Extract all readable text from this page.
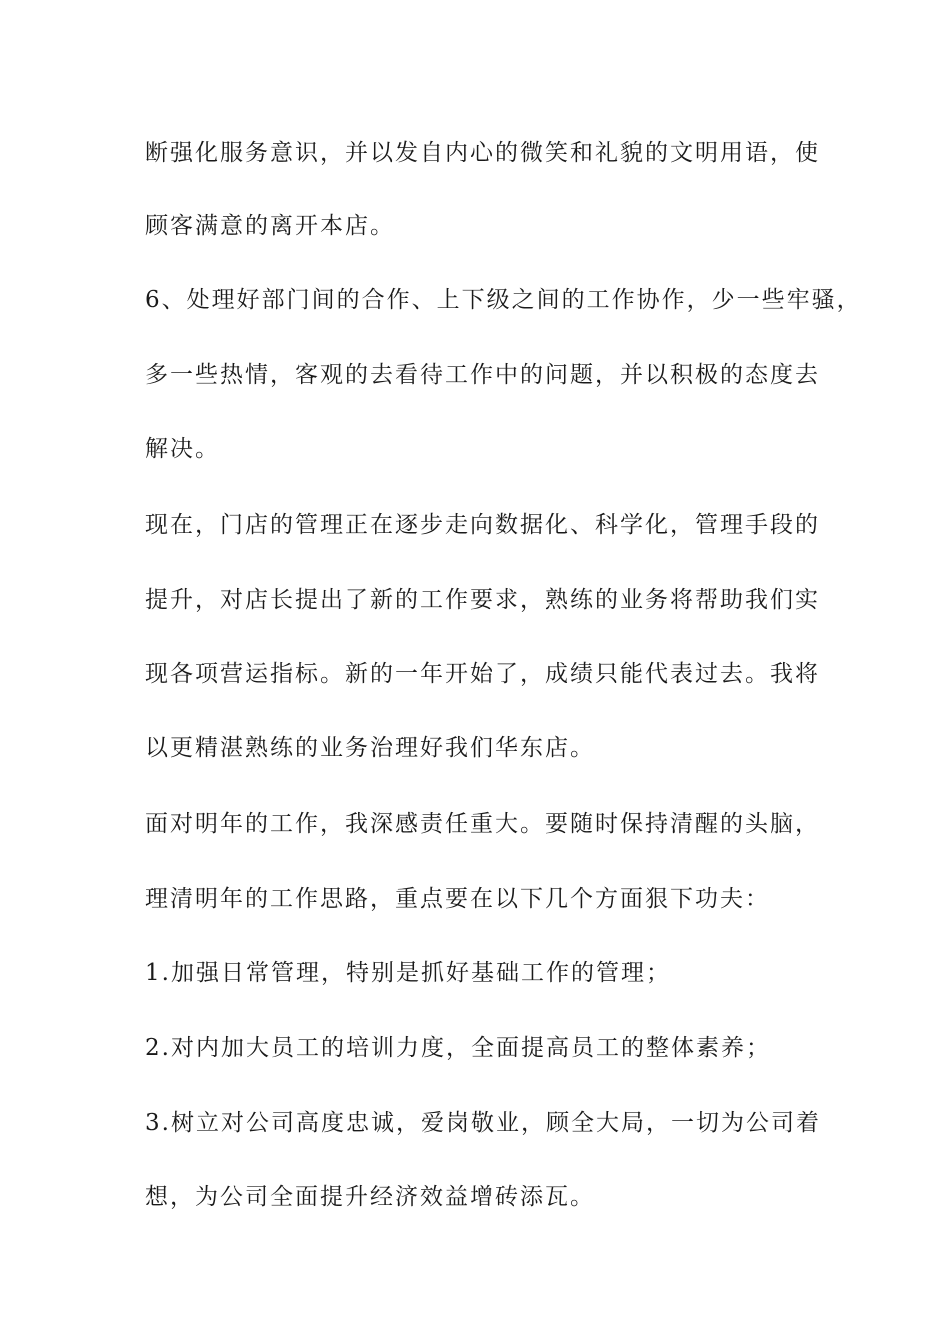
断强化服务意识，并以发自内心的微笑和礼貌的文明用语，使
顾客满意的离开本店。
6、处理好部门间的合作、上下级之间的工作协作，少一些牢骚，
多一些热情，客观的去看待工作中的问题，并以积极的态度去
解决。
现在，门店的管理正在逐步走向数据化、科学化，管理手段的
提升，对店长提出了新的工作要求，熟练的业务将帮助我们实
现各项营运指标。新的一年开始了，成绩只能代表过去。我将
以更精湛熟练的业务治理好我们华东店。
面对明年的工作，我深感责任重大。要随时保持清醒的头脑，
理清明年的工作思路，重点要在以下几个方面狠下功夫：
1.加强日常管理，特别是抓好基础工作的管理；
2.对内加大员工的培训力度，全面提高员工的整体素养；
3.树立对公司高度忠诚，爱岗敬业，顾全大局，一切为公司着
想，为公司全面提升经济效益增砖添瓦。
